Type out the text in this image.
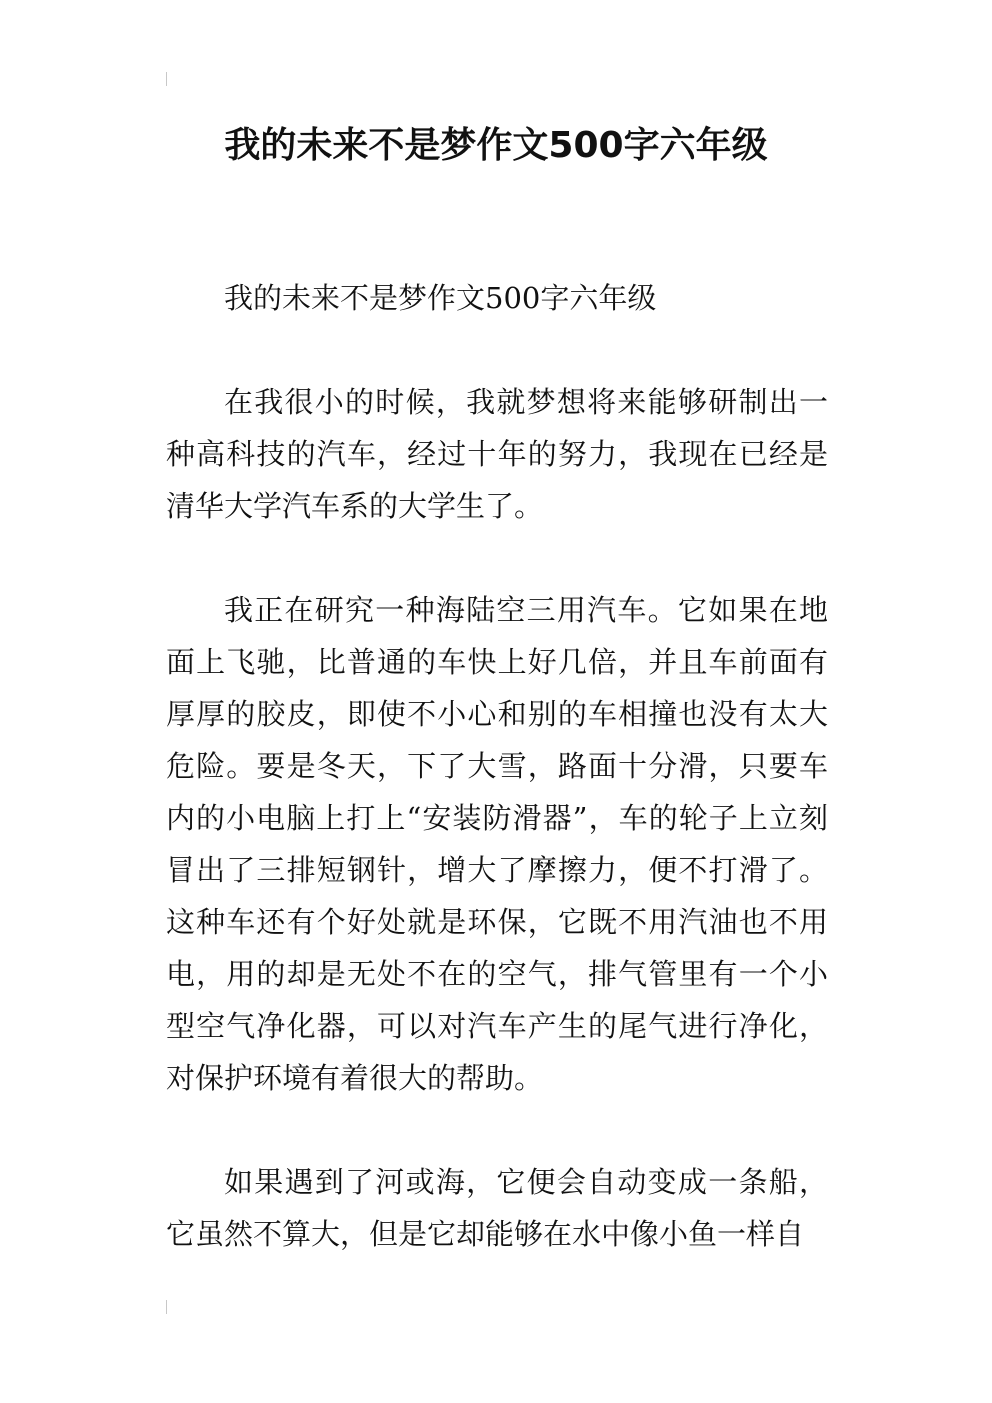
我的未来不是梦作文500字六年级

我的未来不是梦作文500字六年级

在我很小的时候，我就梦想将来能够研制出一种高科技的汽车，经过十年的努力，我现在已经是清华大学汽车系的大学生了。

我正在研究一种海陆空三用汽车。它如果在地面上飞驰，比普通的车快上好几倍，并且车前面有厚厚的胶皮，即使不小心和别的车相撞也没有太大危险。要是冬天，下了大雪，路面十分滑，只要车内的小电脑上打上“安装防滑器”，车的轮子上立刻冒出了三排短钢针，增大了摩擦力，便不打滑了。这种车还有个好处就是环保，它既不用汽油也不用电，用的却是无处不在的空气，排气管里有一个小型空气净化器，可以对汽车产生的尾气进行净化，对保护环境有着很大的帮助。

如果遇到了河或海，它便会自动变成一条船，它虽然不算大，但是它却能够在水中像小鱼一样自
